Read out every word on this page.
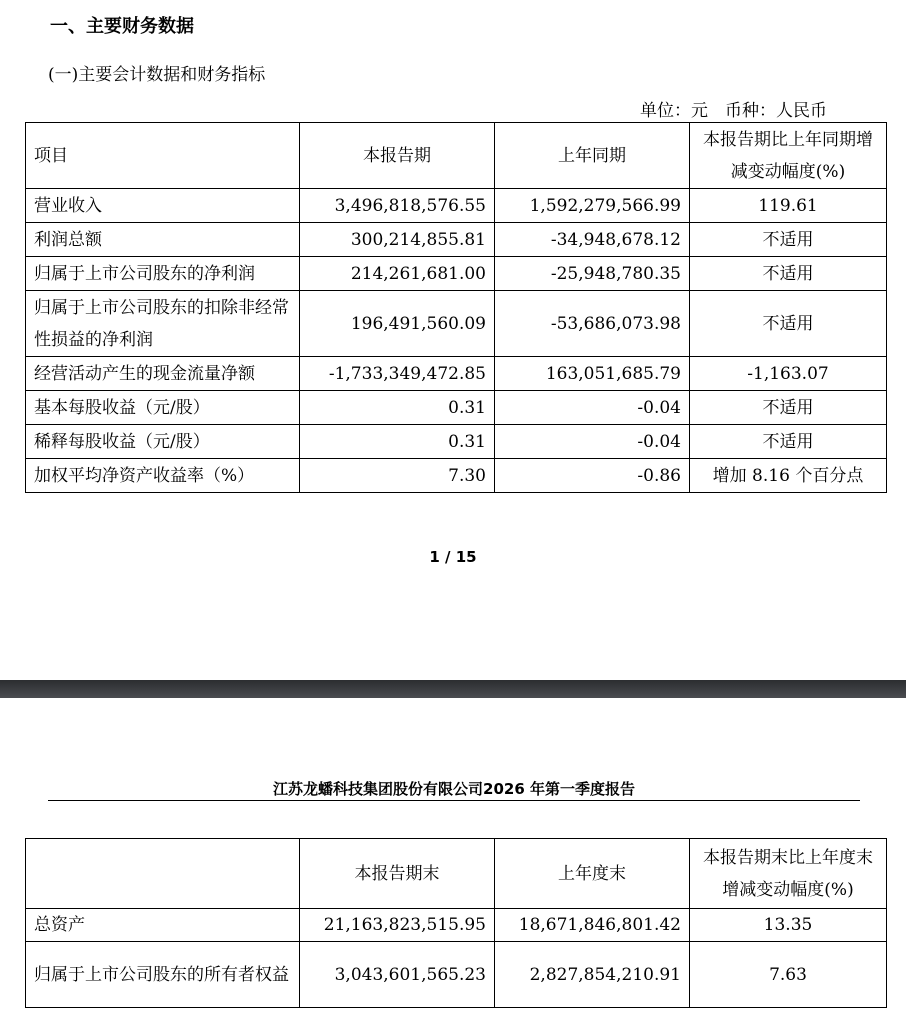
一、主要财务数据
(一)主要会计数据和财务指标
单位：元　币种：人民币
项目	本报告期	上年同期	本报告期比上年同期增减变动幅度(%)
营业收入	3,496,818,576.55	1,592,279,566.99	119.61
利润总额	300,214,855.81	-34,948,678.12	不适用
归属于上市公司股东的净利润	214,261,681.00	-25,948,780.35	不适用
归属于上市公司股东的扣除非经常性损益的净利润	196,491,560.09	-53,686,073.98	不适用
经营活动产生的现金流量净额	-1,733,349,472.85	163,051,685.79	-1,163.07
基本每股收益（元/股）	0.31	-0.04	不适用
稀释每股收益（元/股）	0.31	-0.04	不适用
加权平均净资产收益率（%）	7.30	-0.86	增加 8.16 个百分点
1 / 15
江苏龙蟠科技集团股份有限公司2026 年第一季度报告
	本报告期末	上年度末	本报告期末比上年度末增减变动幅度(%)
总资产	21,163,823,515.95	18,671,846,801.42	13.35
归属于上市公司股东的所有者权益	3,043,601,565.23	2,827,854,210.91	7.63
